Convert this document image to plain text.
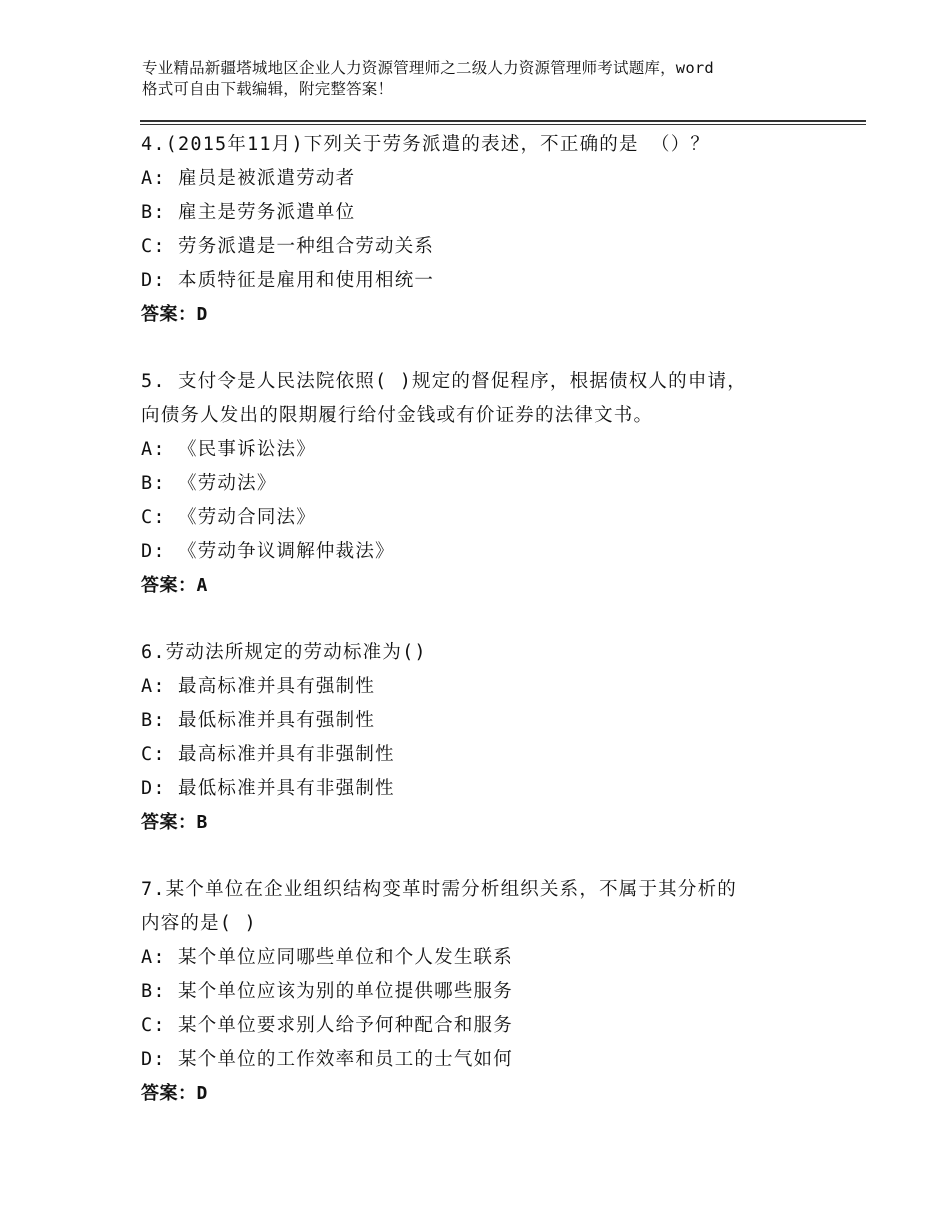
专业精品新疆塔城地区企业人力资源管理师之二级人力资源管理师考试题库，word
格式可自由下载编辑，附完整答案！
4.(2015年11月)下列关于劳务派遣的表述，不正确的是 （）？
A: 雇员是被派遣劳动者
B: 雇主是劳务派遣单位
C: 劳务派遣是一种组合劳动关系
D: 本质特征是雇用和使用相统一
答案：D
5. 支付令是人民法院依照( )规定的督促程序，根据债权人的申请，
向债务人发出的限期履行给付金钱或有价证券的法律文书。
A: 《民事诉讼法》
B: 《劳动法》
C: 《劳动合同法》
D: 《劳动争议调解仲裁法》
答案：A
6.劳动法所规定的劳动标准为()
A: 最高标准并具有强制性
B: 最低标准并具有强制性
C: 最高标准并具有非强制性
D: 最低标准并具有非强制性
答案：B
7.某个单位在企业组织结构变革时需分析组织关系，不属于其分析的
内容的是( )
A: 某个单位应同哪些单位和个人发生联系
B: 某个单位应该为别的单位提供哪些服务
C: 某个单位要求别人给予何种配合和服务
D: 某个单位的工作效率和员工的士气如何
答案：D
